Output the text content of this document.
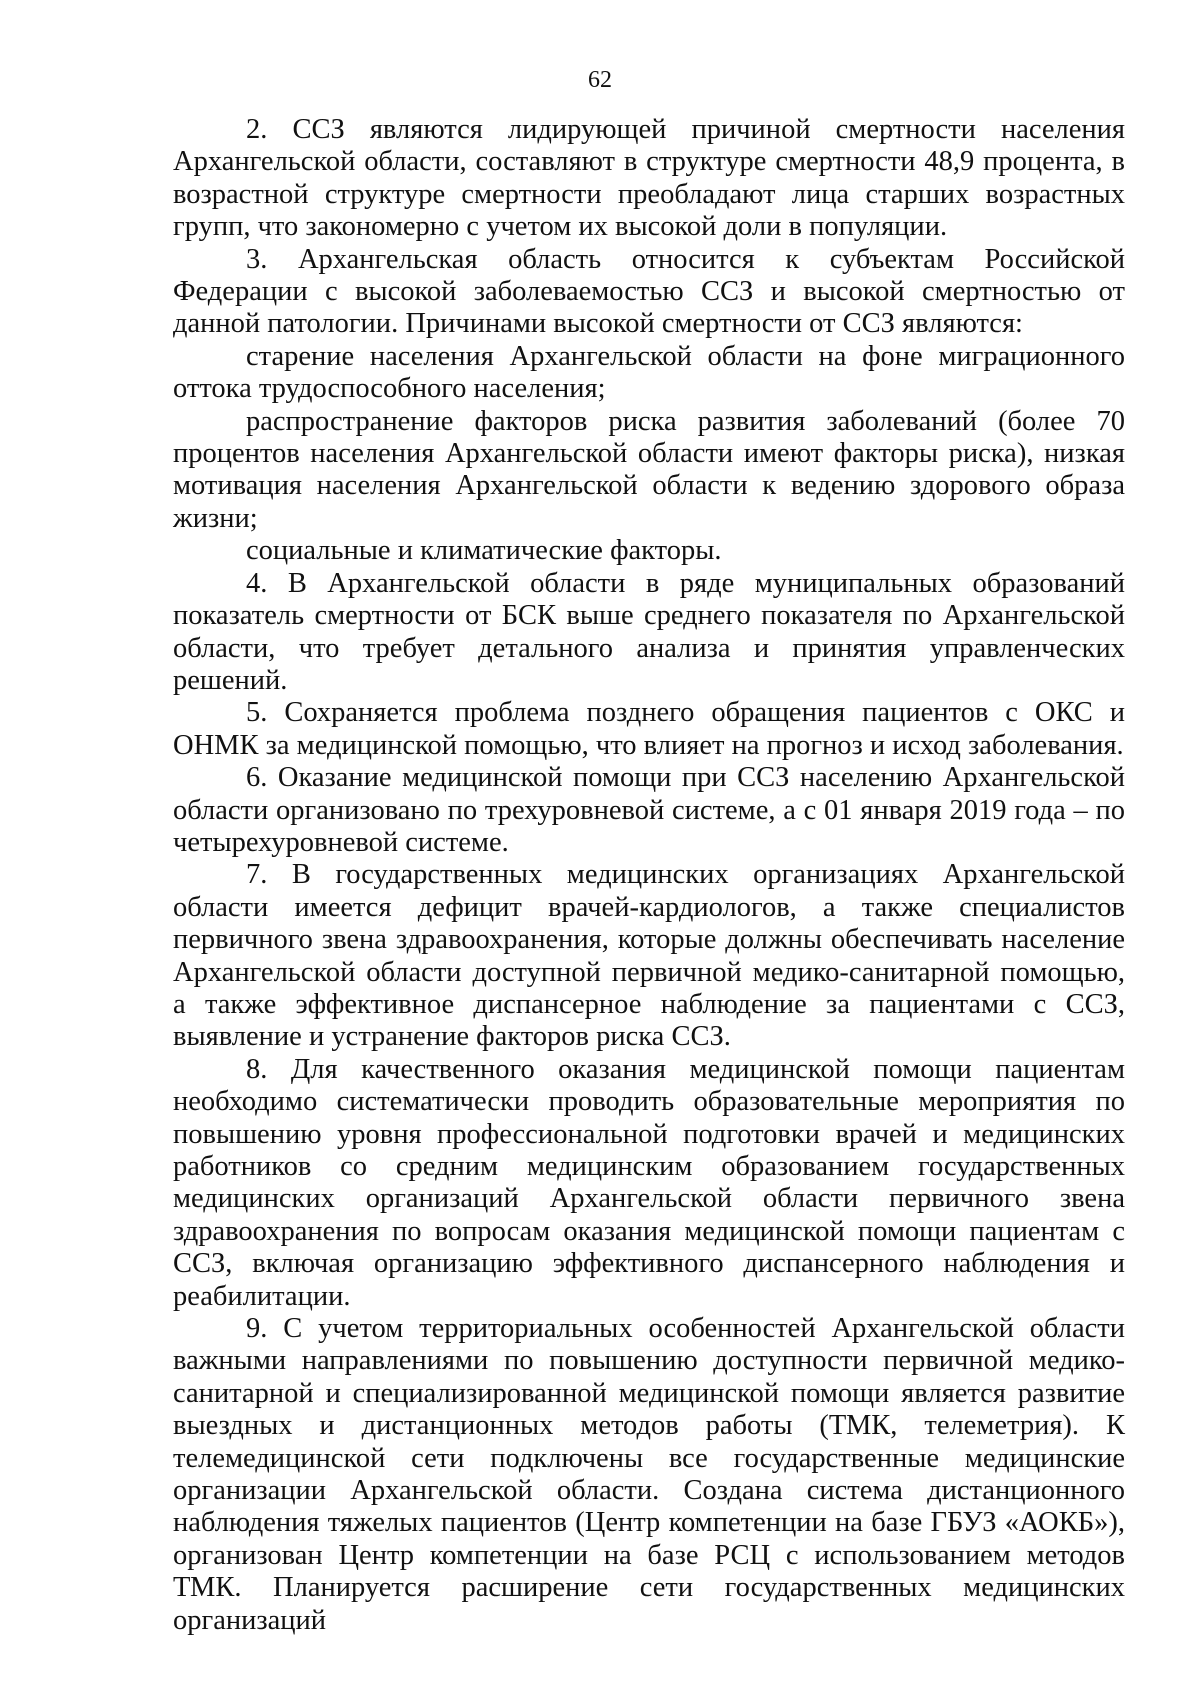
62

2. ССЗ являются лидирующей причиной смертности населения Архангельской области, составляют в структуре смертности 48,9 процента, в возрастной структуре смертности преобладают лица старших возрастных групп, что закономерно с учетом их высокой доли в популяции.

3. Архангельская область относится к субъектам Российской Федерации с высокой заболеваемостью ССЗ и высокой смертностью от данной патологии. Причинами высокой смертности от ССЗ являются:

старение населения Архангельской области на фоне миграционного оттока трудоспособного населения;

распространение факторов риска развития заболеваний (более 70 процентов населения Архангельской области имеют факторы риска), низкая мотивация населения Архангельской области к ведению здорового образа жизни;

социальные и климатические факторы.

4. В Архангельской области в ряде муниципальных образований показатель смертности от БСК выше среднего показателя по Архангельской области, что требует детального анализа и принятия управленческих решений.

5. Сохраняется проблема позднего обращения пациентов с ОКС и ОНМК за медицинской помощью, что влияет на прогноз и исход заболевания.

6. Оказание медицинской помощи при ССЗ населению Архангельской области организовано по трехуровневой системе, а с 01 января 2019 года – по четырехуровневой системе.

7. В государственных медицинских организациях Архангельской области имеется дефицит врачей-кардиологов, а также специалистов первичного звена здравоохранения, которые должны обеспечивать население Архангельской области доступной первичной медико-санитарной помощью, а также эффективное диспансерное наблюдение за пациентами с ССЗ, выявление и устранение факторов риска ССЗ.

8. Для качественного оказания медицинской помощи пациентам необходимо систематически проводить образовательные мероприятия по повышению уровня профессиональной подготовки врачей и медицинских работников со средним медицинским образованием государственных медицинских организаций Архангельской области первичного звена здравоохранения по вопросам оказания медицинской помощи пациентам с ССЗ, включая организацию эффективного диспансерного наблюдения и реабилитации.

9. С учетом территориальных особенностей Архангельской области важными направлениями по повышению доступности первичной медико-санитарной и специализированной медицинской помощи является развитие выездных и дистанционных методов работы (ТМК, телеметрия). К телемедицинской сети подключены все государственные медицинские организации Архангельской области. Создана система дистанционного наблюдения тяжелых пациентов (Центр компетенции на базе ГБУЗ «АОКБ»), организован Центр компетенции на базе РСЦ с использованием методов ТМК. Планируется расширение сети государственных медицинских организаций
